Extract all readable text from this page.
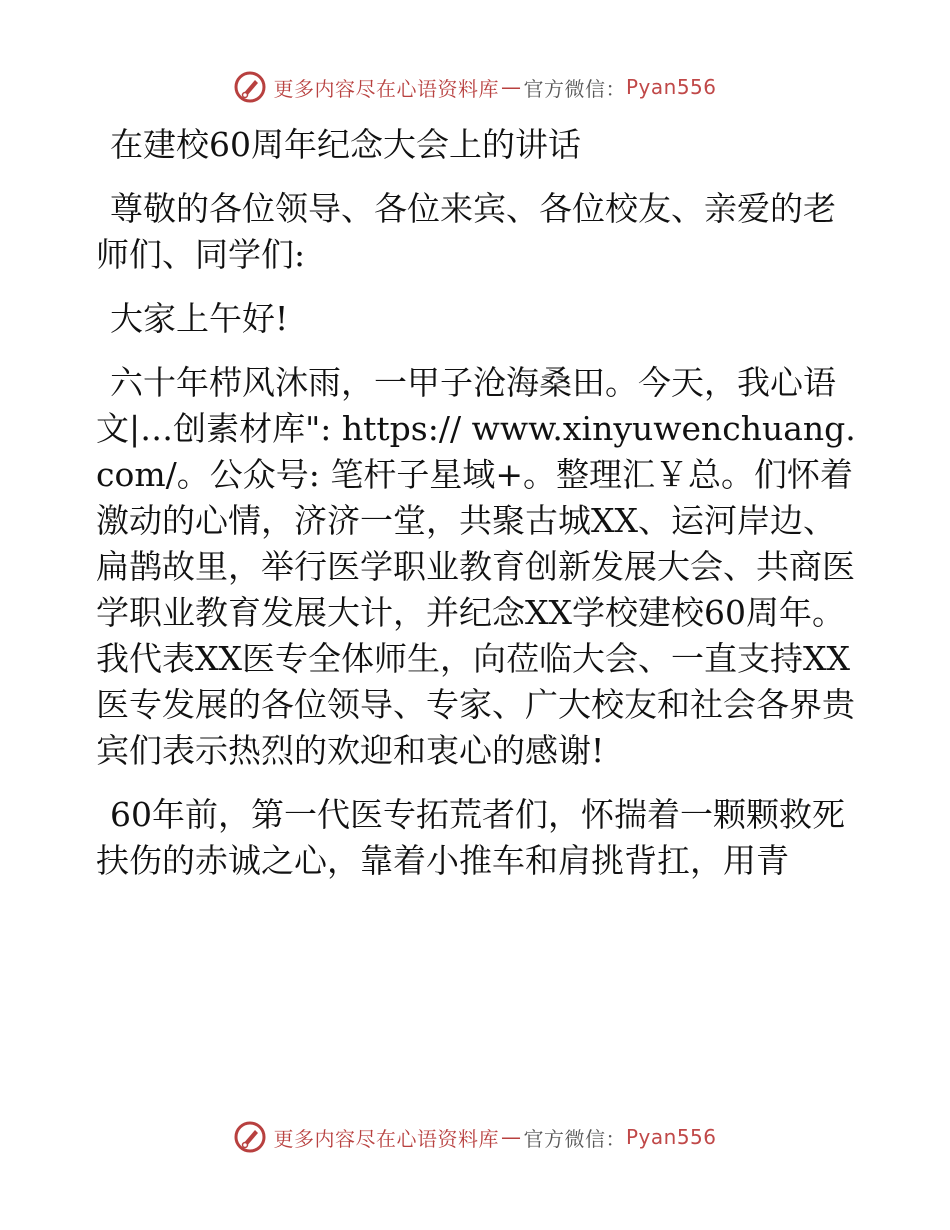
更多内容尽在心语资料库 — 官方微信： Pyan556

在建校60周年纪念大会上的讲话

尊敬的各位领导、各位来宾、各位校友、亲爱的老师们、同学们:

大家上午好!

六十年栉风沐雨，一甲子沧海桑田。今天，我心语文|…创素材库": https:// www.xinyuwenchuang.com/。公众号: 笔杆子星域+。整理汇￥总。们怀着激动的心情，济济一堂，共聚古城XX、运河岸边、扁鹊故里，举行医学职业教育创新发展大会、共商医学职业教育发展大计，并纪念XX学校建校60周年。我代表XX医专全体师生，向莅临大会、一直支持XX医专发展的各位领导、专家、广大校友和社会各界贵宾们表示热烈的欢迎和衷心的感谢!

60年前，第一代医专拓荒者们，怀揣着一颗颗救死扶伤的赤诚之心，靠着小推车和肩挑背扛，用青

更多内容尽在心语资料库 — 官方微信： Pyan556
